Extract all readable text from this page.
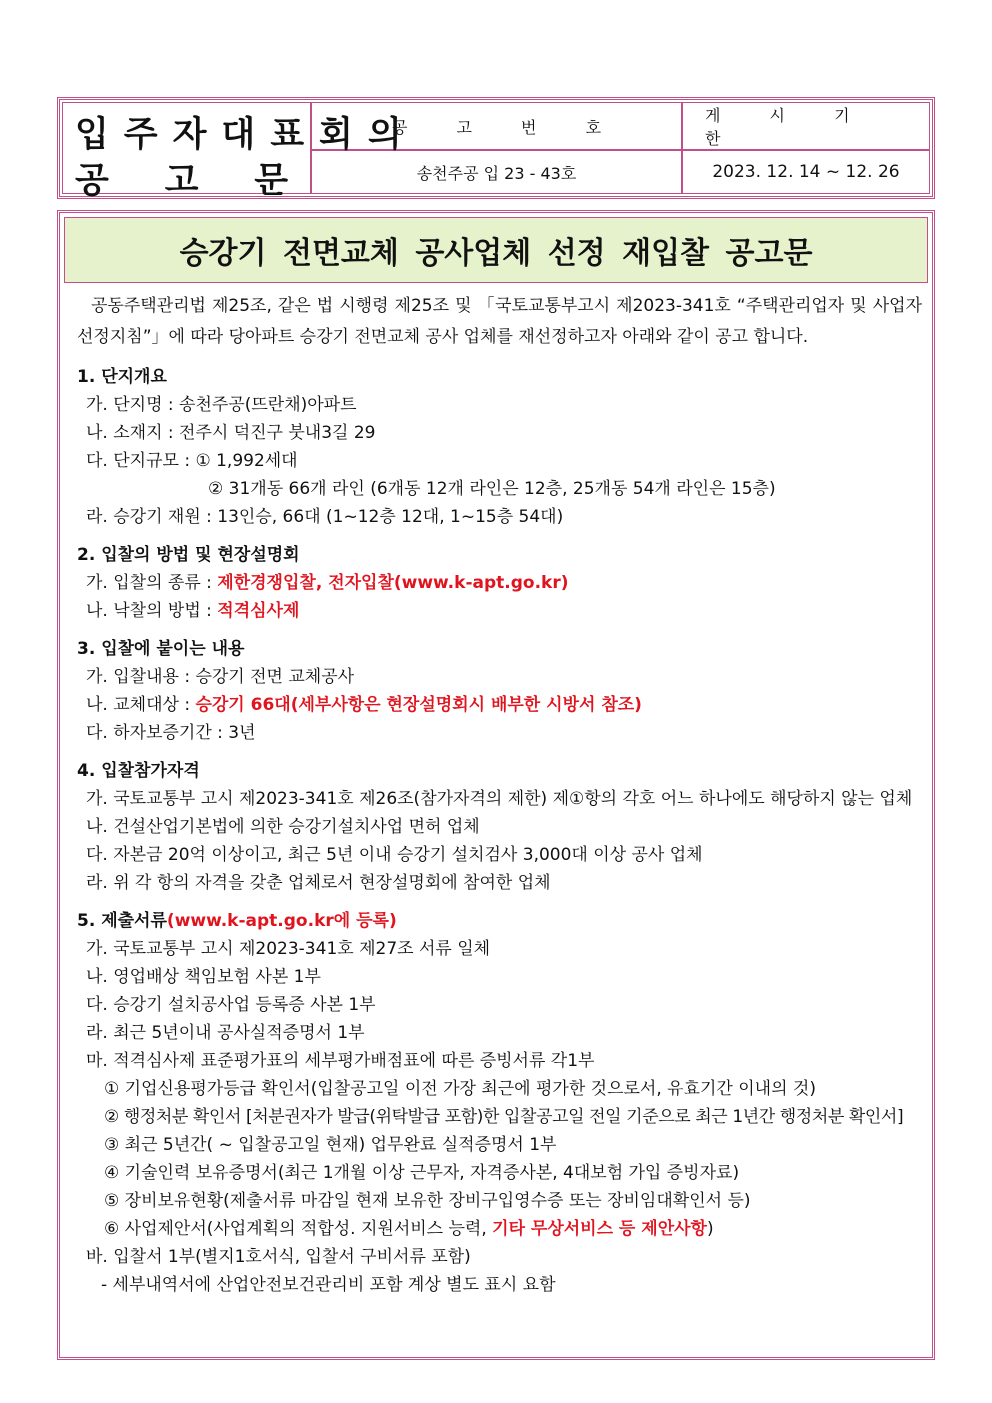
공 고 번 호
입주자대표회의
공 고 문
게 시 기 한
송천주공 입 23 - 43호	2023. 12. 14 ~ 12. 26
승강기 전면교체 공사업체 선정 재입찰 공고문

공동주택관리법 제25조, 같은 법 시행령 제25조 및 「국토교통부고시 제2023-341호 “주택관리업자 및 사업자선정지침”」에 따라 당아파트 승강기 전면교체 공사 업체를 재선정하고자 아래와 같이 공고 합니다.

1. 단지개요

가. 단지명 : 송천주공(뜨란채)아파트

나. 소재지 : 전주시 덕진구 붓내3길 29

다. 단지규모 : ① 1,992세대

② 31개동 66개 라인 (6개동 12개 라인은 12층, 25개동 54개 라인은 15층)

라. 승강기 재원 : 13인승, 66대 (1~12층 12대, 1~15층 54대)

2. 입찰의 방법 및 현장설명회

가. 입찰의 종류 : 제한경쟁입찰, 전자입찰(www.k-apt.go.kr)

나. 낙찰의 방법 : 적격심사제

3. 입찰에 붙이는 내용

가. 입찰내용 : 승강기 전면 교체공사

나. 교체대상 : 승강기 66대(세부사항은 현장설명회시 배부한 시방서 참조)

다. 하자보증기간 : 3년

4. 입찰참가자격

가. 국토교통부 고시 제2023-341호 제26조(참가자격의 제한) 제①항의 각호 어느 하나에도 해당하지 않는 업체

나. 건설산업기본법에 의한 승강기설치사업 면허 업체

다. 자본금 20억 이상이고, 최근 5년 이내 승강기 설치검사 3,000대 이상 공사 업체

라. 위 각 항의 자격을 갖춘 업체로서 현장설명회에 참여한 업체

5. 제출서류(www.k-apt.go.kr에 등록)

가. 국토교통부 고시 제2023-341호 제27조 서류 일체

나. 영업배상 책임보험 사본 1부

다. 승강기 설치공사업 등록증 사본 1부

라. 최근 5년이내 공사실적증명서 1부

마. 적격심사제 표준평가표의 세부평가배점표에 따른 증빙서류 각1부

① 기업신용평가등급 확인서(입찰공고일 이전 가장 최근에 평가한 것으로서, 유효기간 이내의 것)

② 행정처분 확인서 [처분권자가 발급(위탁발급 포함)한 입찰공고일 전일 기준으로 최근 1년간 행정처분 확인서]

③ 최근 5년간( ~ 입찰공고일 현재) 업무완료 실적증명서 1부

④ 기술인력 보유증명서(최근 1개월 이상 근무자, 자격증사본, 4대보험 가입 증빙자료)

⑤ 장비보유현황(제출서류 마감일 현재 보유한 장비구입영수증 또는 장비임대확인서 등)

⑥ 사업제안서(사업계획의 적합성. 지원서비스 능력, 기타 무상서비스 등 제안사항)

바. 입찰서 1부(별지1호서식, 입찰서 구비서류 포함)

- 세부내역서에 산업안전보건관리비 포함 계상 별도 표시 요함
